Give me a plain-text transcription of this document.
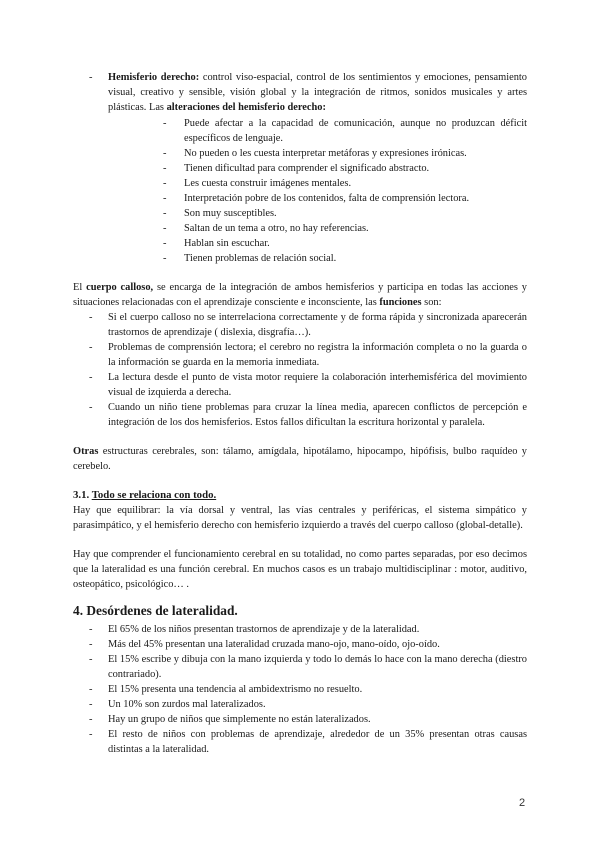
- Hemisferio derecho: control viso-espacial, control de los sentimientos y emociones, pensamiento visual, creativo y sensible, visión global y la integración de ritmos, sonidos musicales y artes plásticas. Las alteraciones del hemisferio derecho:
- Puede afectar a la capacidad de comunicación, aunque no produzcan déficit específicos de lenguaje.
- No pueden o les cuesta interpretar metáforas y expresiones irónicas.
- Tienen dificultad para comprender el significado abstracto.
- Les cuesta construir imágenes mentales.
- Interpretación pobre de los contenidos, falta de comprensión lectora.
- Son muy susceptibles.
- Saltan de un tema a otro, no hay referencias.
- Hablan sin escuchar.
- Tienen problemas de relación social.

El cuerpo calloso, se encarga de la integración de ambos hemisferios y participa en todas las acciones y situaciones relacionadas con el aprendizaje consciente e inconsciente, las funciones son:

- Si el cuerpo calloso no se interrelaciona correctamente y de forma rápida y sincronizada aparecerán trastornos de aprendizaje ( dislexia, disgrafía…).
- Problemas de comprensión lectora; el cerebro no registra la información completa o no la guarda o la información se guarda en la memoria inmediata.
- La lectura desde el punto de vista motor requiere la colaboración interhemisférica del movimiento visual de izquierda a derecha.
- Cuando un niño tiene problemas para cruzar la línea media, aparecen conflictos de percepción e integración de los dos hemisferios. Estos fallos dificultan la escritura horizontal y paralela.

Otras estructuras cerebrales, son: tálamo, amígdala, hipotálamo, hipocampo, hipófisis, bulbo raquídeo y cerebelo.

3.1. Todo se relaciona con todo.

Hay que equilibrar: la vía dorsal y ventral, las vías centrales y periféricas, el sistema simpático y parasimpático, y el hemisferio derecho con hemisferio izquierdo a través del cuerpo calloso (global-detalle).

Hay que comprender el funcionamiento cerebral en su totalidad, no como partes separadas, por eso decimos que la lateralidad es una función cerebral. En muchos casos es un trabajo multidisciplinar : motor, auditivo, osteopático, psicológico… .

4. Desórdenes de lateralidad.
- El 65% de los niños presentan trastornos de aprendizaje y de la lateralidad.
- Más del 45% presentan una lateralidad cruzada mano-ojo, mano-oído, ojo-oído.
- El 15% escribe y dibuja con la mano izquierda y todo lo demás lo hace con la mano derecha (diestro contrariado).
- El 15% presenta una tendencia al ambidextrismo no resuelto.
- Un 10% son zurdos mal lateralizados.
- Hay un grupo de niños que simplemente no están lateralizados.
- El resto de niños con problemas de aprendizaje, alrededor de un 35% presentan otras causas distintas a la lateralidad.
2
